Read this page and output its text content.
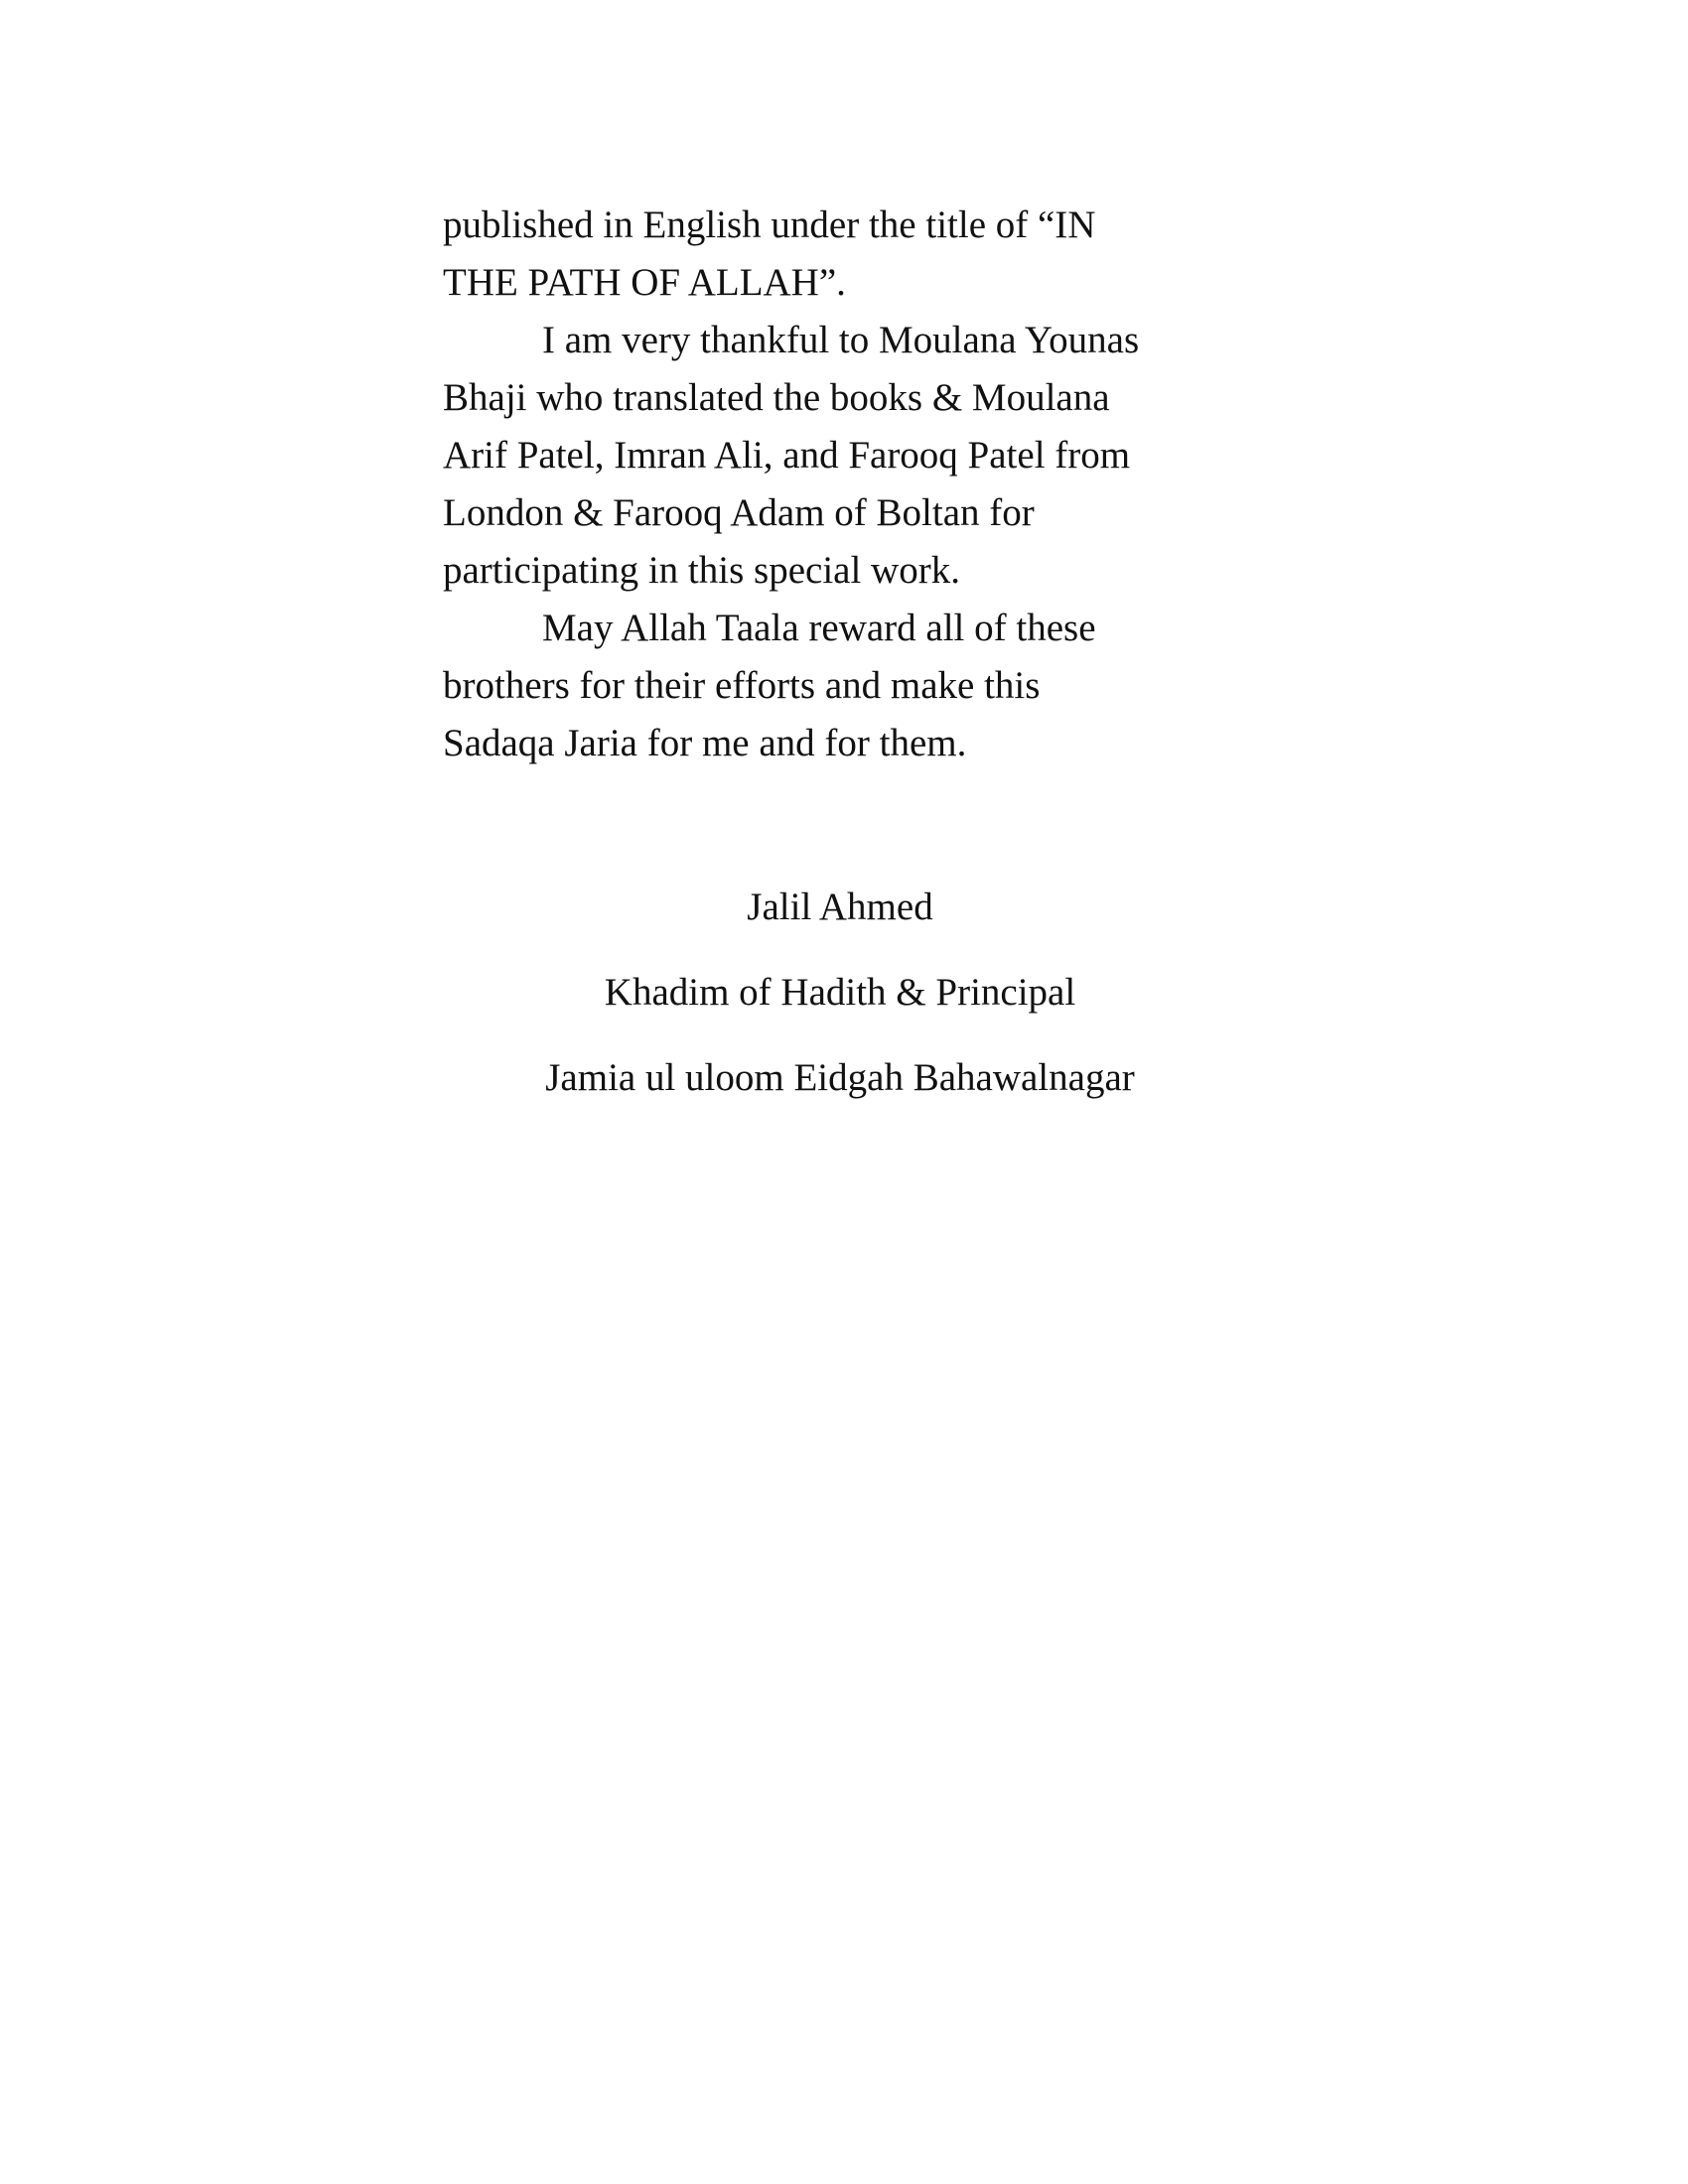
published in English under the title of “IN
THE PATH OF ALLAH”.
I am very thankful to Moulana Younas
Bhaji who translated the books & Moulana
Arif Patel, Imran Ali, and Farooq Patel from
London & Farooq Adam of Boltan for
participating in this special work.
May Allah Taala reward all of these
brothers for their efforts and make this
Sadaqa Jaria for me and for them.
Jalil Ahmed
Khadim of Hadith & Principal
Jamia ul uloom Eidgah Bahawalnagar
